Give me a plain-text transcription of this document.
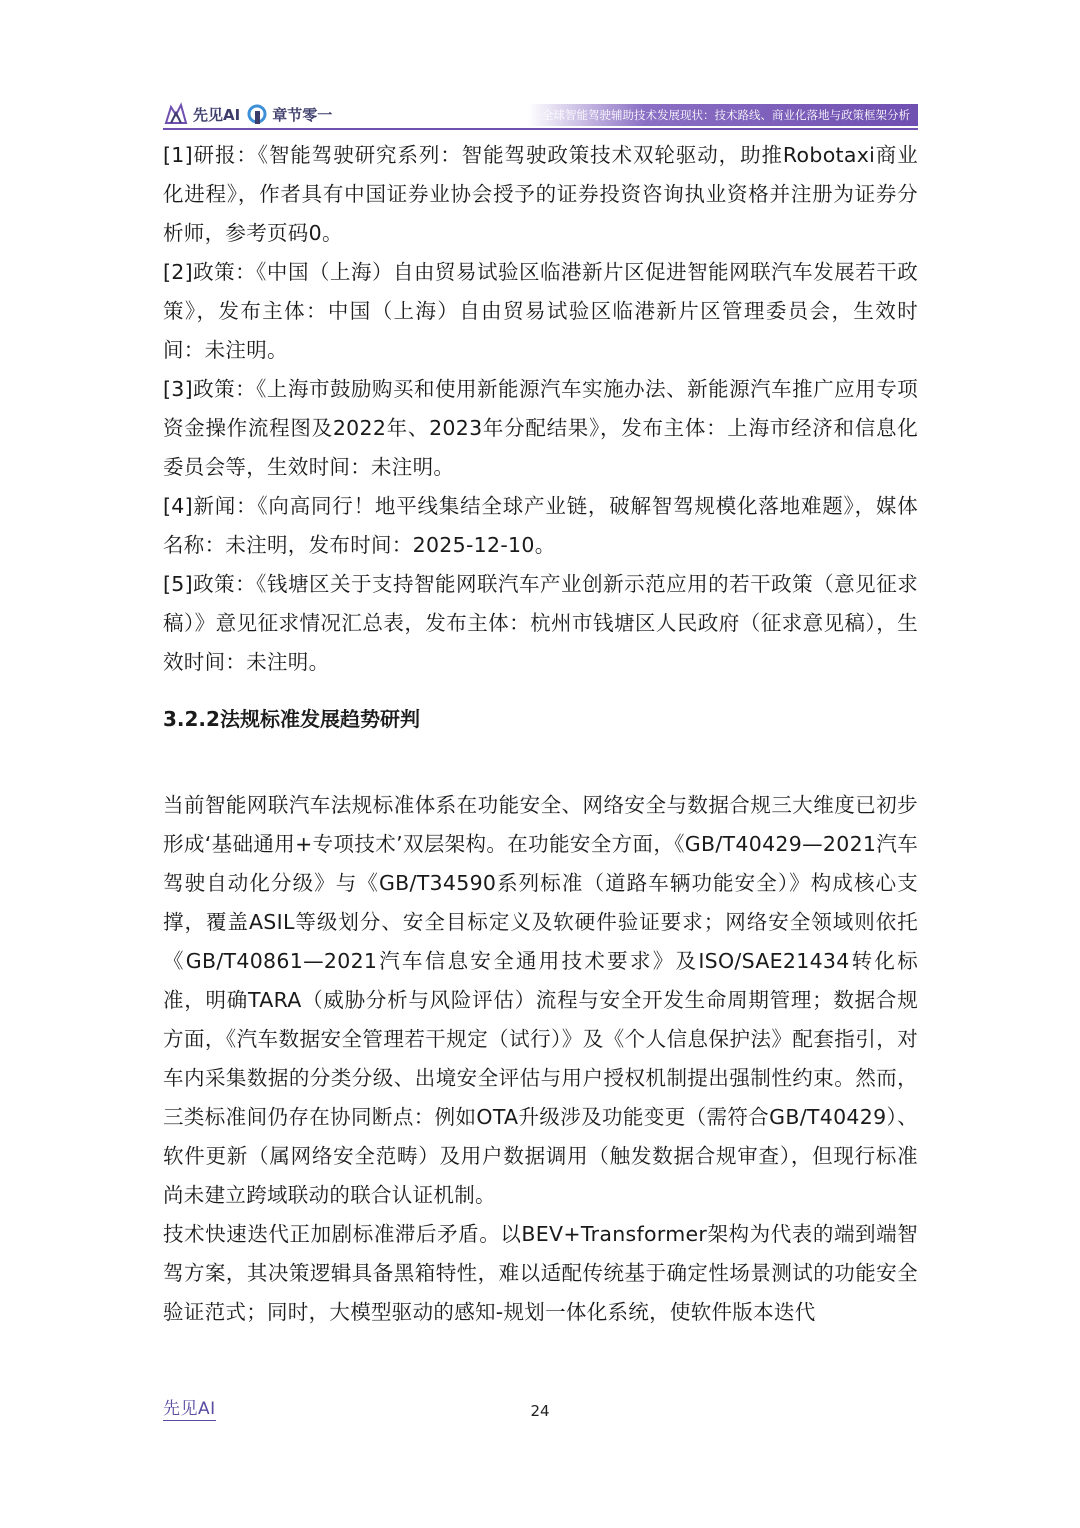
先见AI 章节零一	全球智能驾驶辅助技术发展现状：技术路线、商业化落地与政策框架分析

[1]研报：《智能驾驶研究系列：智能驾驶政策技术双轮驱动，助推Robotaxi商业化进程》，作者具有中国证券业协会授予的证券投资咨询执业资格并注册为证券分析师，参考页码0。

[2]政策：《中国（上海）自由贸易试验区临港新片区促进智能网联汽车发展若干政策》，发布主体：中国（上海）自由贸易试验区临港新片区管理委员会，生效时间：未注明。

[3]政策：《上海市鼓励购买和使用新能源汽车实施办法、新能源汽车推广应用专项资金操作流程图及2022年、2023年分配结果》，发布主体：上海市经济和信息化委员会等，生效时间：未注明。

[4]新闻：《向高同行！地平线集结全球产业链，破解智驾规模化落地难题》，媒体名称：未注明，发布时间：2025-12-10。

[5]政策：《钱塘区关于支持智能网联汽车产业创新示范应用的若干政策（意见征求稿）》意见征求情况汇总表，发布主体：杭州市钱塘区人民政府（征求意见稿），生效时间：未注明。

3.2.2法规标准发展趋势研判

当前智能网联汽车法规标准体系在功能安全、网络安全与数据合规三大维度已初步形成‘基础通用+专项技术’双层架构。在功能安全方面，《GB/T40429—2021汽车驾驶自动化分级》与《GB/T34590系列标准（道路车辆功能安全）》构成核心支撑，覆盖ASIL等级划分、安全目标定义及软硬件验证要求；网络安全领域则依托《GB/T40861—2021汽车信息安全通用技术要求》及ISO/SAE21434转化标准，明确TARA（威胁分析与风险评估）流程与安全开发生命周期管理；数据合规方面，《汽车数据安全管理若干规定（试行）》及《个人信息保护法》配套指引，对车内采集数据的分类分级、出境安全评估与用户授权机制提出强制性约束。然而，三类标准间仍存在协同断点：例如OTA升级涉及功能变更（需符合GB/T40429）、软件更新（属网络安全范畴）及用户数据调用（触发数据合规审查），但现行标准尚未建立跨域联动的联合认证机制。

技术快速迭代正加剧标准滞后矛盾。以BEV+Transformer架构为代表的端到端智驾方案，其决策逻辑具备黑箱特性，难以适配传统基于确定性场景测试的功能安全验证范式；同时，大模型驱动的感知-规划一体化系统，使软件版本迭代

先见AI	24
